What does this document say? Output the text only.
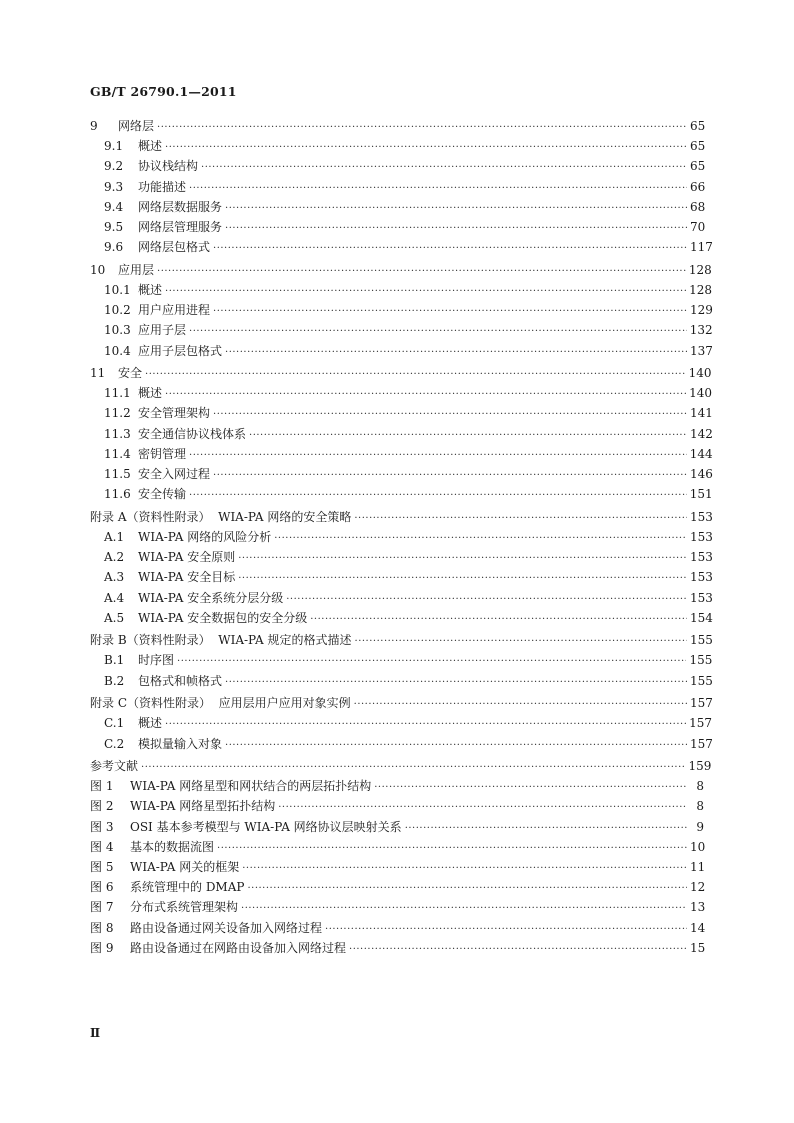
GB/T 26790.1—2011
9	网络层 ·····	65
9.1	概述 ·····	65
9.2	协议栈结构 ·····	65
9.3	功能描述 ·····	66
9.4	网络层数据服务 ·····	68
9.5	网络层管理服务 ·····	70
9.6	网络层包格式 ·····	117
10	应用层 ·····	128
10.1 概述 ·····	128
10.2 用户应用进程 ·····	129
10.3 应用子层 ·····	132
10.4 应用子层包格式 ·····	137
11	安全 ·····	140
11.1 概述 ·····	140
11.2 安全管理架构 ·····	141
11.3 安全通信协议栈体系 ·····	142
11.4 密钥管理 ·····	144
11.5 安全入网过程 ·····	146
11.6 安全传输 ·····	151
附录 A（资料性附录）  WIA-PA 网络的安全策略 ·····	153
A.1	WIA-PA 网络的风险分析 ·····	153
A.2	WIA-PA 安全原则 ·····	153
A.3	WIA-PA 安全目标 ·····	153
A.4	WIA-PA 安全系统分层分级 ·····	153
A.5	WIA-PA 安全数据包的安全分级 ·····	154
附录 B（资料性附录）  WIA-PA 规定的格式描述 ·····	155
B.1	时序图 ·····	155
B.2	包格式和帧格式 ·····	155
附录 C（资料性附录）  应用层用户应用对象实例 ·····	157
C.1	概述 ·····	157
C.2	模拟量输入对象 ·····	157
参考文献 ·····	159
图 1	WIA-PA 网络星型和网状结合的两层拓扑结构 ·····	8
图 2	WIA-PA 网络星型拓扑结构 ·····	8
图 3	OSI 基本参考模型与 WIA-PA 网络协议层映射关系 ·····	9
图 4	基本的数据流图 ·····	10
图 5	WIA-PA 网关的框架 ·····	11
图 6	系统管理中的 DMAP ·····	12
图 7	分布式系统管理架构 ·····	13
图 8	路由设备通过网关设备加入网络过程 ·····	14
图 9	路由设备通过在网路由设备加入网络过程 ·····	15
Ⅱ
